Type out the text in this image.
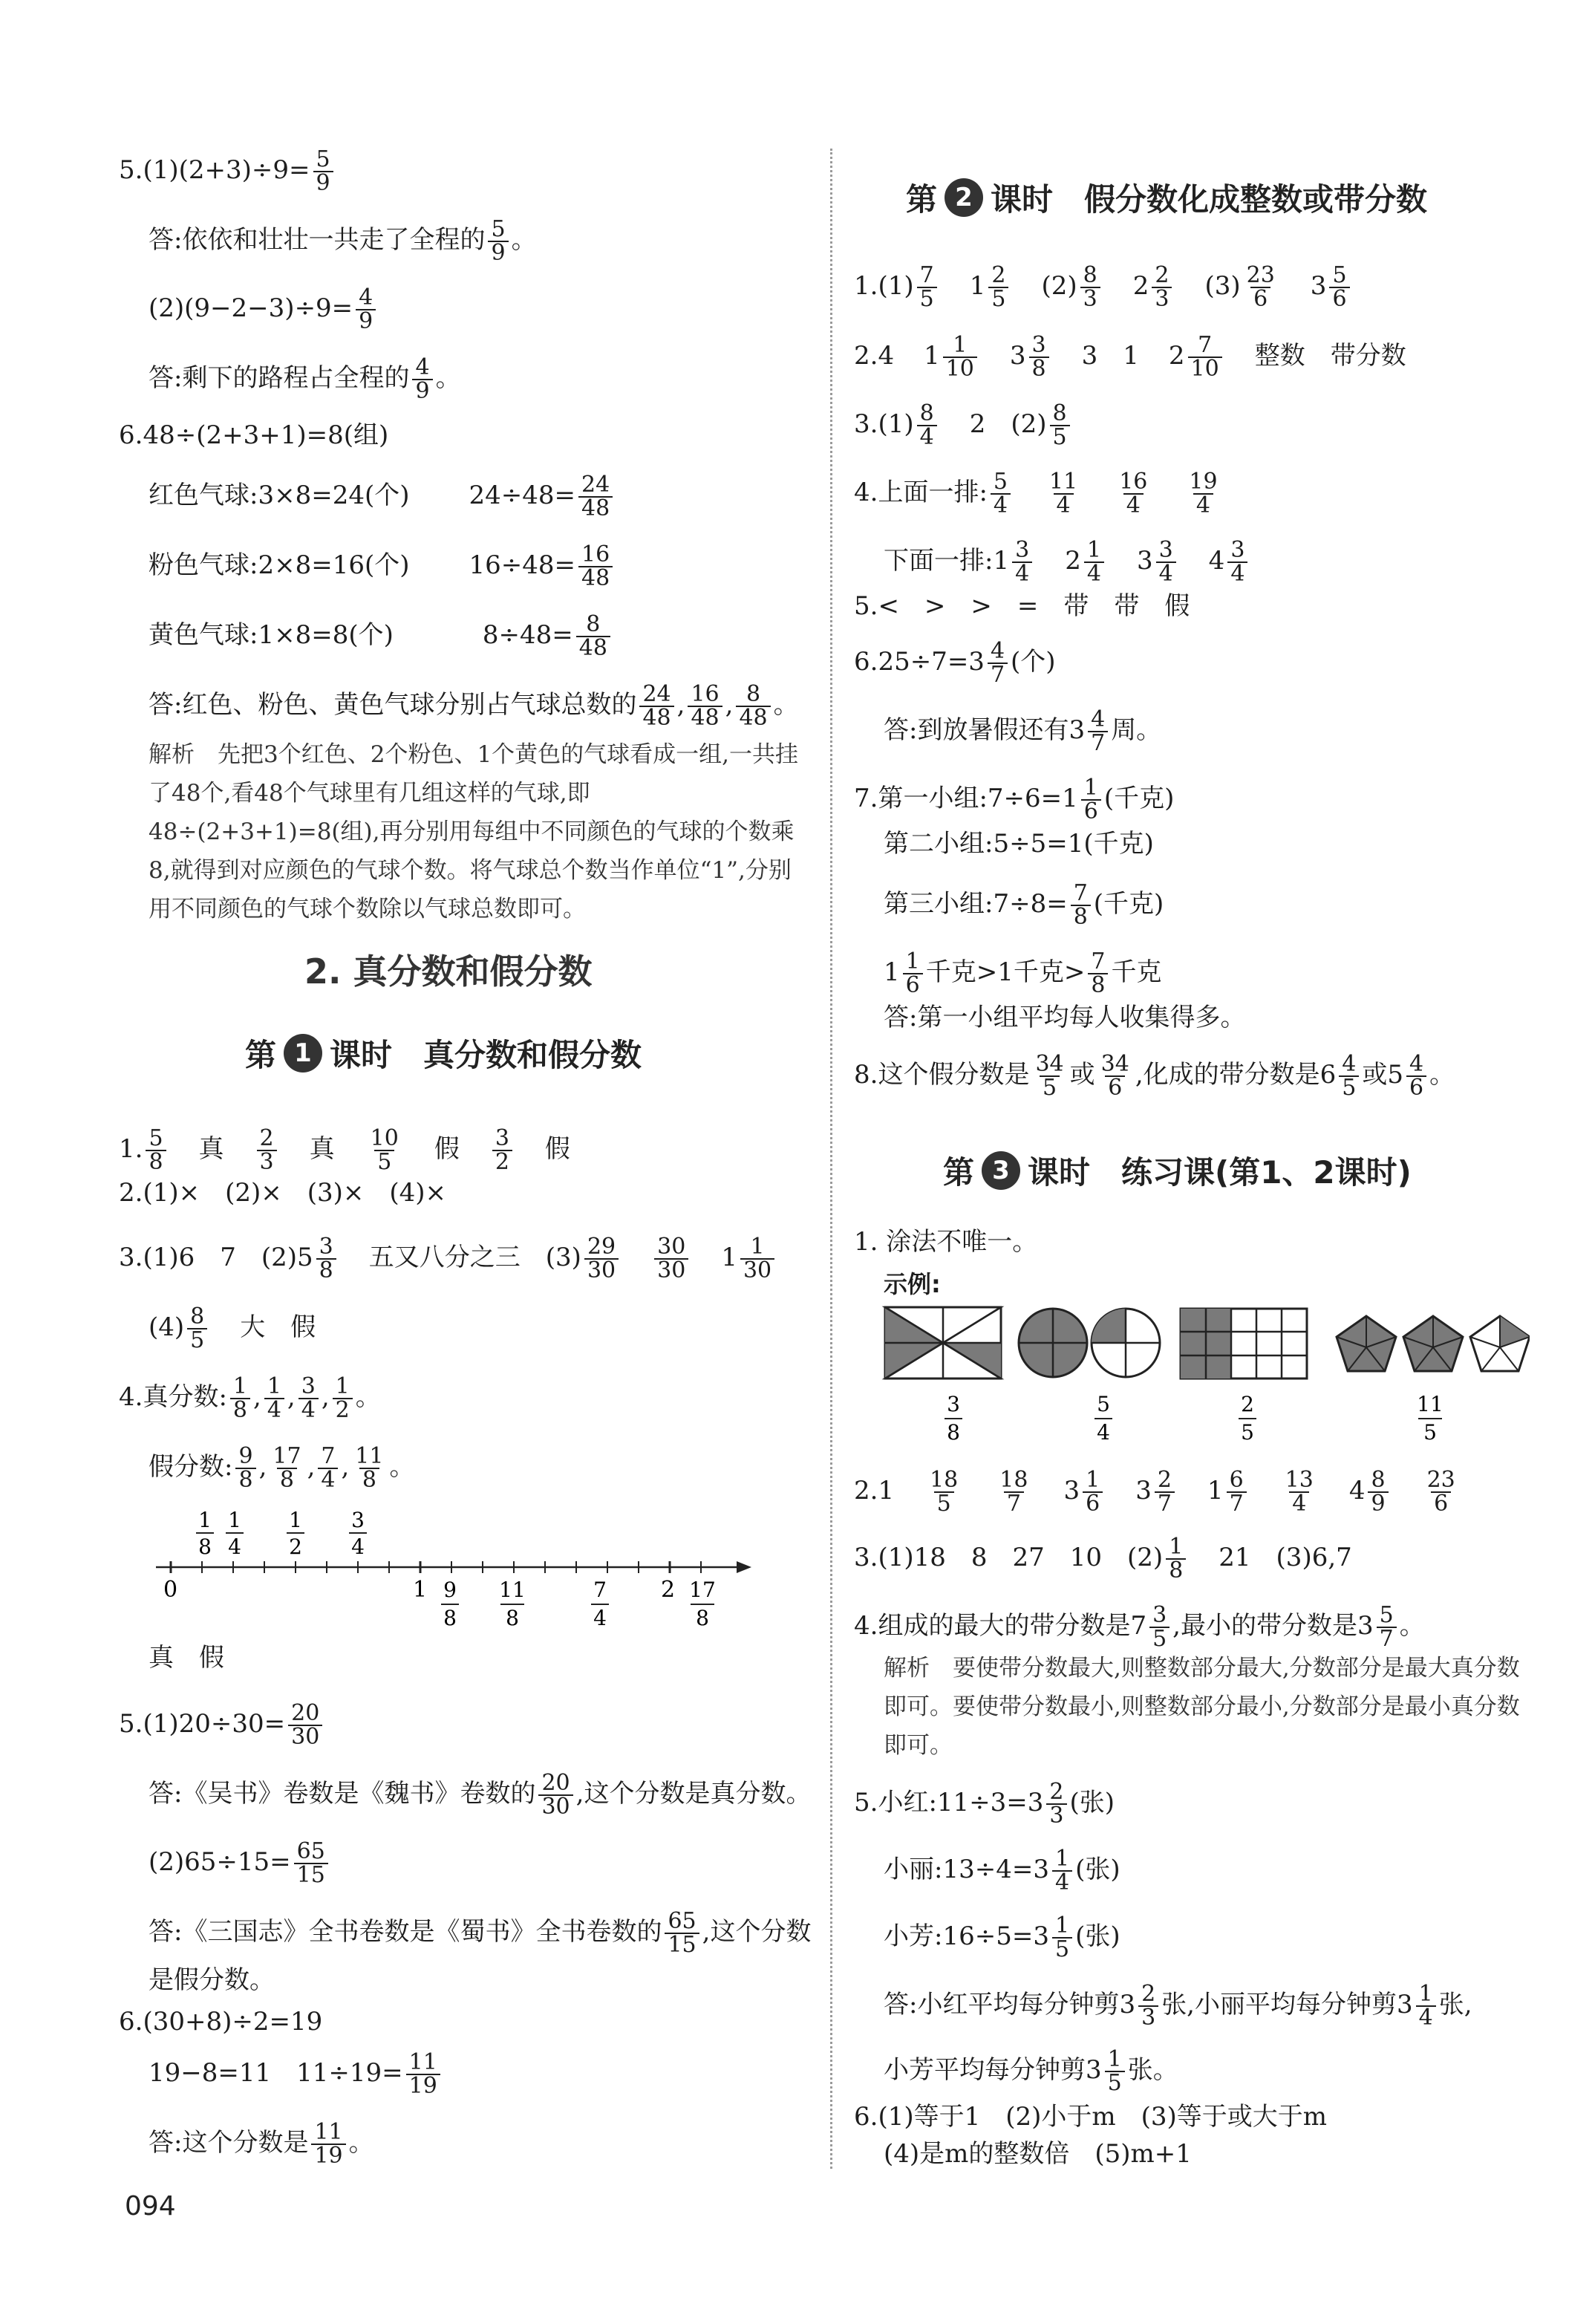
$5.(1)(2+3)\div 9= \frac{5}{9}$
答:依依和壮壮一共走了全程的 $\frac{5}{9}$ 。
$(2)(9-2-3)\div 9= \frac{4}{9}$
答:剩下的路程占全程的 $\frac{4}{9}$ 。
6.48÷(2+3+1)=8(组)
红色气球:3×8=24(个) $24\div 48= \frac{24}{48}$
粉色气球:2×8=16(个) $16\div 48= \frac{16}{48}$
黄色气球:1×8=8(个)	$8\div 48= \frac{8}{48}$
答:红色、粉色、黄色气球分别占气球总数的 $\frac{24}{48}$ , $\frac{16}{48}$ , $\frac{8}{48}$ 。
解析　先把3个红色、2个粉色、1个黄色的气球看成一组,一共挂了48个,看48个气球里有几组这样的气球,即48÷(2+3+1)=8(组),再分别用每组中不同颜色的气球的个数乘8,就得到对应颜色的气球个数。将气球总个数当作单位“1”,分别用不同颜色的气球个数除以气球总数即可。
2. 真分数和假分数
第 1 课时　真分数和假分数
1. $\frac{5}{8}$ 真 $\frac{2}{3}$ 真 $\frac{10}{5}$ 假 $\frac{3}{2}$ 假
2.(1)×　(2)×　(3)×　(4)×
3.(1)6　7　$(2)5 \frac{3}{8}$ 五又八分之三　$(3) \frac{29}{30} \frac{30}{30} 1 \frac{1}{30}$
$(4) \frac{8}{5}$ 大　假
4.真分数: $\frac{1}{8}$ , $\frac{1}{4}$ , $\frac{3}{4}$ , $\frac{1}{2}$ 。
假分数: $\frac{9}{8}$ , $\frac{17}{8}$ , $\frac{7}{4}$ , $\frac{11}{8}$ 。
0	1	2
1
8
1
4
1
2
3
4
9
8
11
8
7
4
17
8
真　假
$5.(1)20\div 30= \frac{20}{30}$
答:《吴书》卷数是《魏书》卷数的 $\frac{20}{30}$ ,这个分数是真分数。
$(2)65\div 15= \frac{65}{15}$
答:《三国志》全书卷数是《蜀书》全书卷数的 $\frac{65}{15}$ ,这个分数
是假分数。
6.(30+8)÷2=19
19−8=11　$11\div 19= \frac{11}{19}$
答:这个分数是 $\frac{11}{19}$ 。
第 2 课时　假分数化成整数或带分数
$1.(1) \frac{7}{5} 1 \frac{2}{5} (2) \frac{8}{3} 2 \frac{2}{3} (3) \frac{23}{6} 3 \frac{5}{6}$
2.4 $1 \frac{1}{10} 3 \frac{3}{8} 3$　1 $2 \frac{7}{10}$ 整数　带分数
$3.(1) \frac{8}{4} 2$　$(2) \frac{8}{5}$
4.上面一排: $\frac{5}{4} \frac{11}{4} \frac{16}{4} \frac{19}{4}$
下面一排:1 $\frac{3}{4} 2 \frac{1}{4} 3 \frac{3}{4} 4 \frac{3}{4}$
5.<　>　>　=　带　带　假
$6.25\div 7=3 \frac{4}{7}$ (个)
答:到放暑假还有$3 \frac{4}{7}$ 周。
7.第一小组:7÷6=1 $\frac{1}{6}$ (千克)
第二小组:5÷5=1(千克)
第三小组:7÷8= $\frac{7}{8}$ (千克)
$1 \frac{1}{6}$ 千克>1千克> $\frac{7}{8}$ 千克
答:第一小组平均每人收集得多。
8.这个假分数是 $\frac{34}{5}$ 或 $\frac{34}{6}$ ,化成的带分数是$6 \frac{4}{5}$ 或$5 \frac{4}{6}$ 。
第 3 课时　练习课(第1、2课时)
1. 涂法不唯一。
示例:
3
8
5
4
2
5
11
5
$2.1 \frac{18}{5} \frac{18}{7} 3 \frac{1}{6} 3 \frac{2}{7} 1 \frac{6}{7} \frac{13}{4} 4 \frac{8}{9} \frac{23}{6}$
3.(1)18　8　27　10　$(2) \frac{1}{8} 21$　(3)6,7
4.组成的最大的带分数是$7 \frac{3}{5}$ ,最小的带分数是$3 \frac{5}{7}$ 。
解析　要使带分数最大,则整数部分最大,分数部分是最大真分数即可。要使带分数最小,则整数部分最小,分数部分是最小真分数即可。
5.小红:11÷3=3 $\frac{2}{3}$ (张)
小丽:13÷4=3 $\frac{1}{4}$ (张)
小芳:16÷5=3 $\frac{1}{5}$ (张)
答:小红平均每分钟剪$3 \frac{2}{3}$ 张,小丽平均每分钟剪$3 \frac{1}{4}$ 张,
小芳平均每分钟剪$3 \frac{1}{5}$ 张。
6.(1)等于1　(2)小于m　(3)等于或大于m
(4)是m的整数倍　(5)m+1
094
